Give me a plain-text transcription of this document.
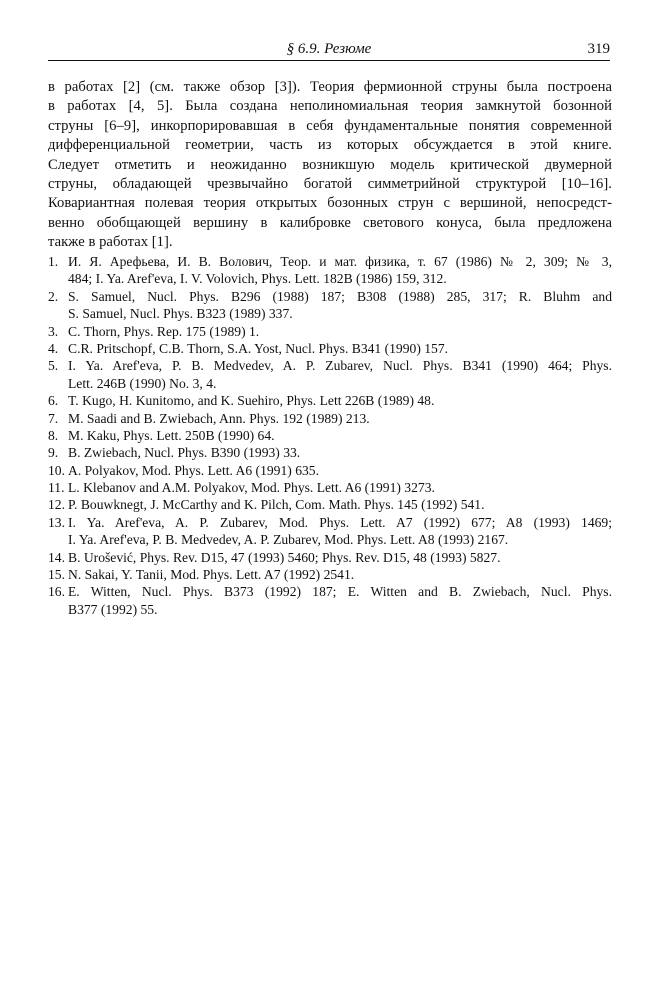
§ 6.9. Резюме	319
в работах [2] (см. также обзор [3]). Теория фермионной струны была построена
в работах [4, 5]. Была создана неполиномиальная теория замкнутой бозонной
струны [6–9], инкорпорировавшая в себя фундаментальные понятия современной
дифференциальной геометрии, часть из которых обсуждается в этой книге.
Следует отметить и неожиданно возникшую модель критической двумерной
струны, обладающей чрезвычайно богатой симметрийной структурой [10–16].
Ковариантная полевая теория открытых бозонных струн с вершиной, непосредст-
венно обобщающей вершину в калибровке светового конуса, была предложена
также в работах [1].
1. И. Я. Арефьева, И. В. Волович, Теор. и мат. физика, т. 67 (1986) № 2, 309; № 3,
484; I. Ya. Aref'eva, I. V. Volovich, Phys. Lett. 182B (1986) 159, 312.
2. S. Samuel, Nucl. Phys. B296 (1988) 187; B308 (1988) 285, 317; R. Bluhm and
S. Samuel, Nucl. Phys. B323 (1989) 337.
3. C. Thorn, Phys. Rep. 175 (1989) 1.
4. C.R. Pritschopf, C.B. Thorn, S.A. Yost, Nucl. Phys. B341 (1990) 157.
5. I. Ya. Aref'eva, P. B. Medvedev, A. P. Zubarev, Nucl. Phys. B341 (1990) 464; Phys.
Lett. 246B (1990) No. 3, 4.
6. T. Kugo, H. Kunitomo, and K. Suehiro, Phys. Lett 226B (1989) 48.
7. M. Saadi and B. Zwiebach, Ann. Phys. 192 (1989) 213.
8. M. Kaku, Phys. Lett. 250B (1990) 64.
9. B. Zwiebach, Nucl. Phys. B390 (1993) 33.
10. A. Polyakov, Mod. Phys. Lett. A6 (1991) 635.
11. L. Klebanov and A.M. Polyakov, Mod. Phys. Lett. A6 (1991) 3273.
12. P. Bouwknegt, J. McCarthy and K. Pilch, Com. Math. Phys. 145 (1992) 541.
13. I. Ya. Aref'eva, A. P. Zubarev, Mod. Phys. Lett. A7 (1992) 677; A8 (1993) 1469;
I. Ya. Aref'eva, P. B. Medvedev, A. P. Zubarev, Mod. Phys. Lett. A8 (1993) 2167.
14. B. Urošević, Phys. Rev. D15, 47 (1993) 5460; Phys. Rev. D15, 48 (1993) 5827.
15. N. Sakai, Y. Tanii, Mod. Phys. Lett. A7 (1992) 2541.
16. E. Witten, Nucl. Phys. B373 (1992) 187; E. Witten and B. Zwiebach, Nucl. Phys.
B377 (1992) 55.
